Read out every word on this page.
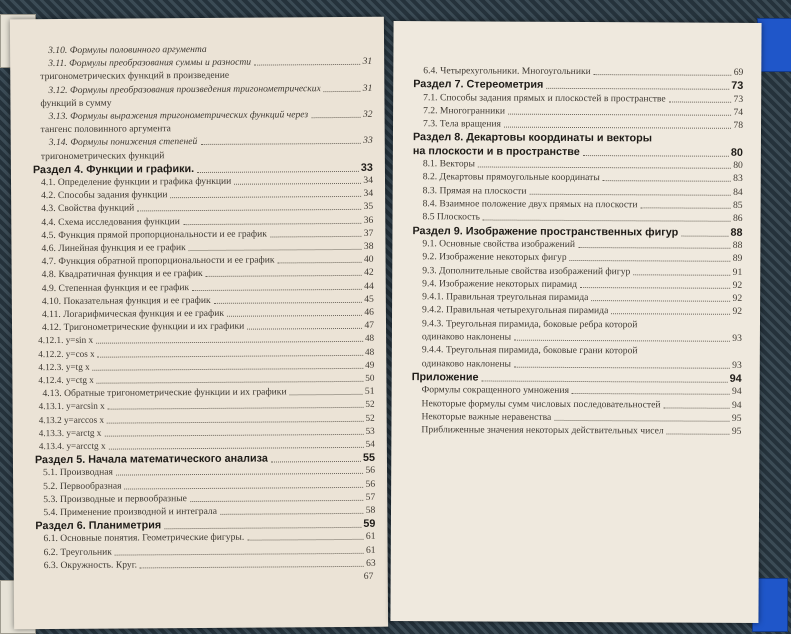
3.10. Формулы половинного аргумента
3.11. Формулы преобразования суммы и разности	31
тригонометрических функций в произведение
3.12. Формулы преобразования произведения тригонометрических	31
функций в сумму
3.13. Формулы выражения тригонометрических функций через	32
тангенс половинного аргумента
3.14. Формулы понижения степеней	33
тригонометрических функций
Раздел 4. Функции и графики.	33
4.1. Определение функции и графика функции	34
4.2. Способы задания функции	34
4.3. Свойства функций	35
4.4. Схема исследования функции	36
4.5. Функция прямой пропорциональности и ее график	37
4.6. Линейная функция и ее график	38
4.7. Функция обратной пропорциональности и ее график	40
4.8. Квадратичная функция и ее график	42
4.9. Степенная функция и ее график	44
4.10. Показательная функция и ее график	45
4.11. Логарифмическая функция и ее график	46
4.12. Тригонометрические функции и их графики	47
4.12.1. y=sin x	48
4.12.2. y=cos x	48
4.12.3. y=tg x	49
4.12.4. y=ctg x	50
4.13. Обратные тригонометрические функции и их графики	51
4.13.1. y=arcsin x	52
4.13.2 y=arccos x	52
4.13.3. y=arctg x	53
4.13.4. y=arcctg x	54
Раздел 5. Начала математического анализа	55
5.1. Производная	56
5.2. Первообразная	56
5.3. Производные и первообразные	57
5.4. Применение производной и интеграла	58
Раздел 6. Планиметрия	59
6.1. Основные понятия. Геометрические фигуры.	61
6.2. Треугольник	61
6.3. Окружность. Круг.	63
67
6.4. Четырехугольники. Многоугольники	69
Раздел 7. Стереометрия	73
7.1. Способы задания прямых и плоскостей в пространстве	73
7.2. Многогранники	74
7.3. Тела вращения	78
Раздел 8. Декартовы координаты и векторы
на плоскости и в пространстве	80
8.1. Векторы	80
8.2. Декартовы прямоугольные координаты	83
8.3. Прямая на плоскости	84
8.4. Взаимное положение двух прямых на плоскости	85
8.5 Плоскость	86
Раздел 9. Изображение пространственных фигур	88
9.1. Основные свойства изображений	88
9.2. Изображение некоторых фигур	89
9.3. Дополнительные свойства изображений фигур	91
9.4. Изображение некоторых пирамид	92
9.4.1. Правильная треугольная пирамида	92
9.4.2. Правильная четырехугольная пирамида	92
9.4.3. Треугольная пирамида, боковые ребра которой
одинаково наклонены	93
9.4.4. Треугольная пирамида, боковые грани которой
одинаково наклонены	93
Приложение	94
Формулы сокращенного умножения	94
Некоторые формулы сумм числовых последовательностей	94
Некоторые важные неравенства	95
Приближенные значения некоторых действительных чисел	95
